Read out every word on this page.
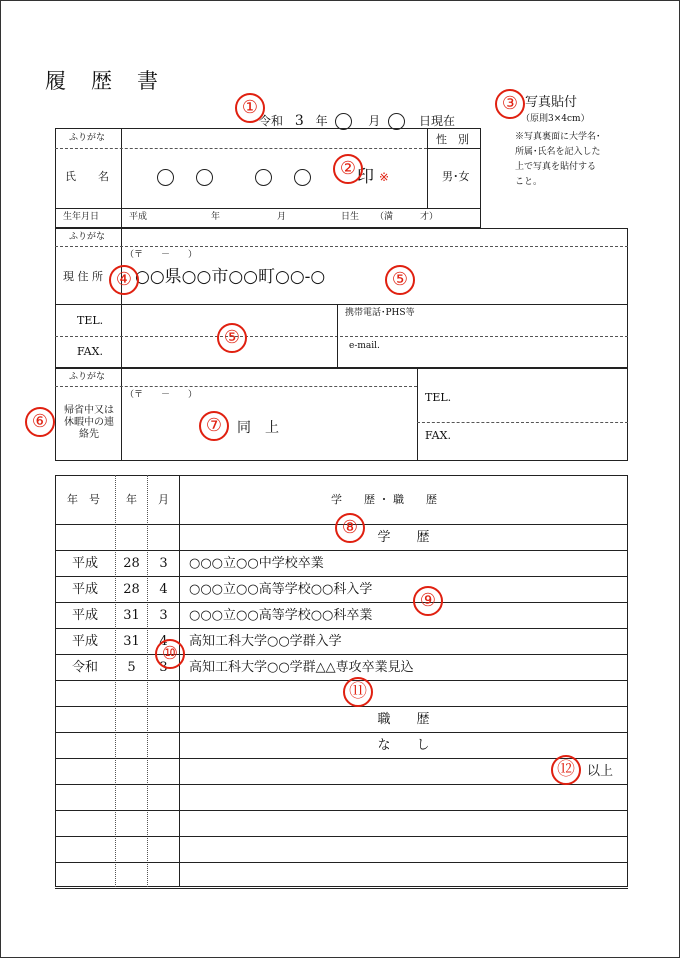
履　歴　書
令和 3 年	月	日現在
写真貼付
（原則3×4cm）
※写真裏面に大学名･所属･氏名を記入した上で写真を貼付すること。
ふりがな
氏　　名
性　別
男･女
印 ※
生年月日	平成	年	月	日生 （満　　　才）
ふりがな
（〒　　－　　）
現 住 所 ○○県○○市○○町○○-○
TEL.
FAX.
携帯電話･PHS等
e-mail.
ふりがな
（〒　　－　　）
帰省中又は休暇中の連絡先	同　上
TEL.
FAX.
年　号 年 月	学　　歴 ・ 職　　歴
学　　歴
平成	28	3	○○○立○○中学校卒業
平成	28	4	○○○立○○高等学校○○科入学
平成	31	3	○○○立○○高等学校○○科卒業
平成	31	4	高知工科大学○○学群入学
令和	5	3	高知工科大学○○学群△△専攻卒業見込
職　　歴
な　　し
以上
①
②
③
④	⑤
⑤
⑥	⑦
⑧
⑨
⑩
⑪
⑫
